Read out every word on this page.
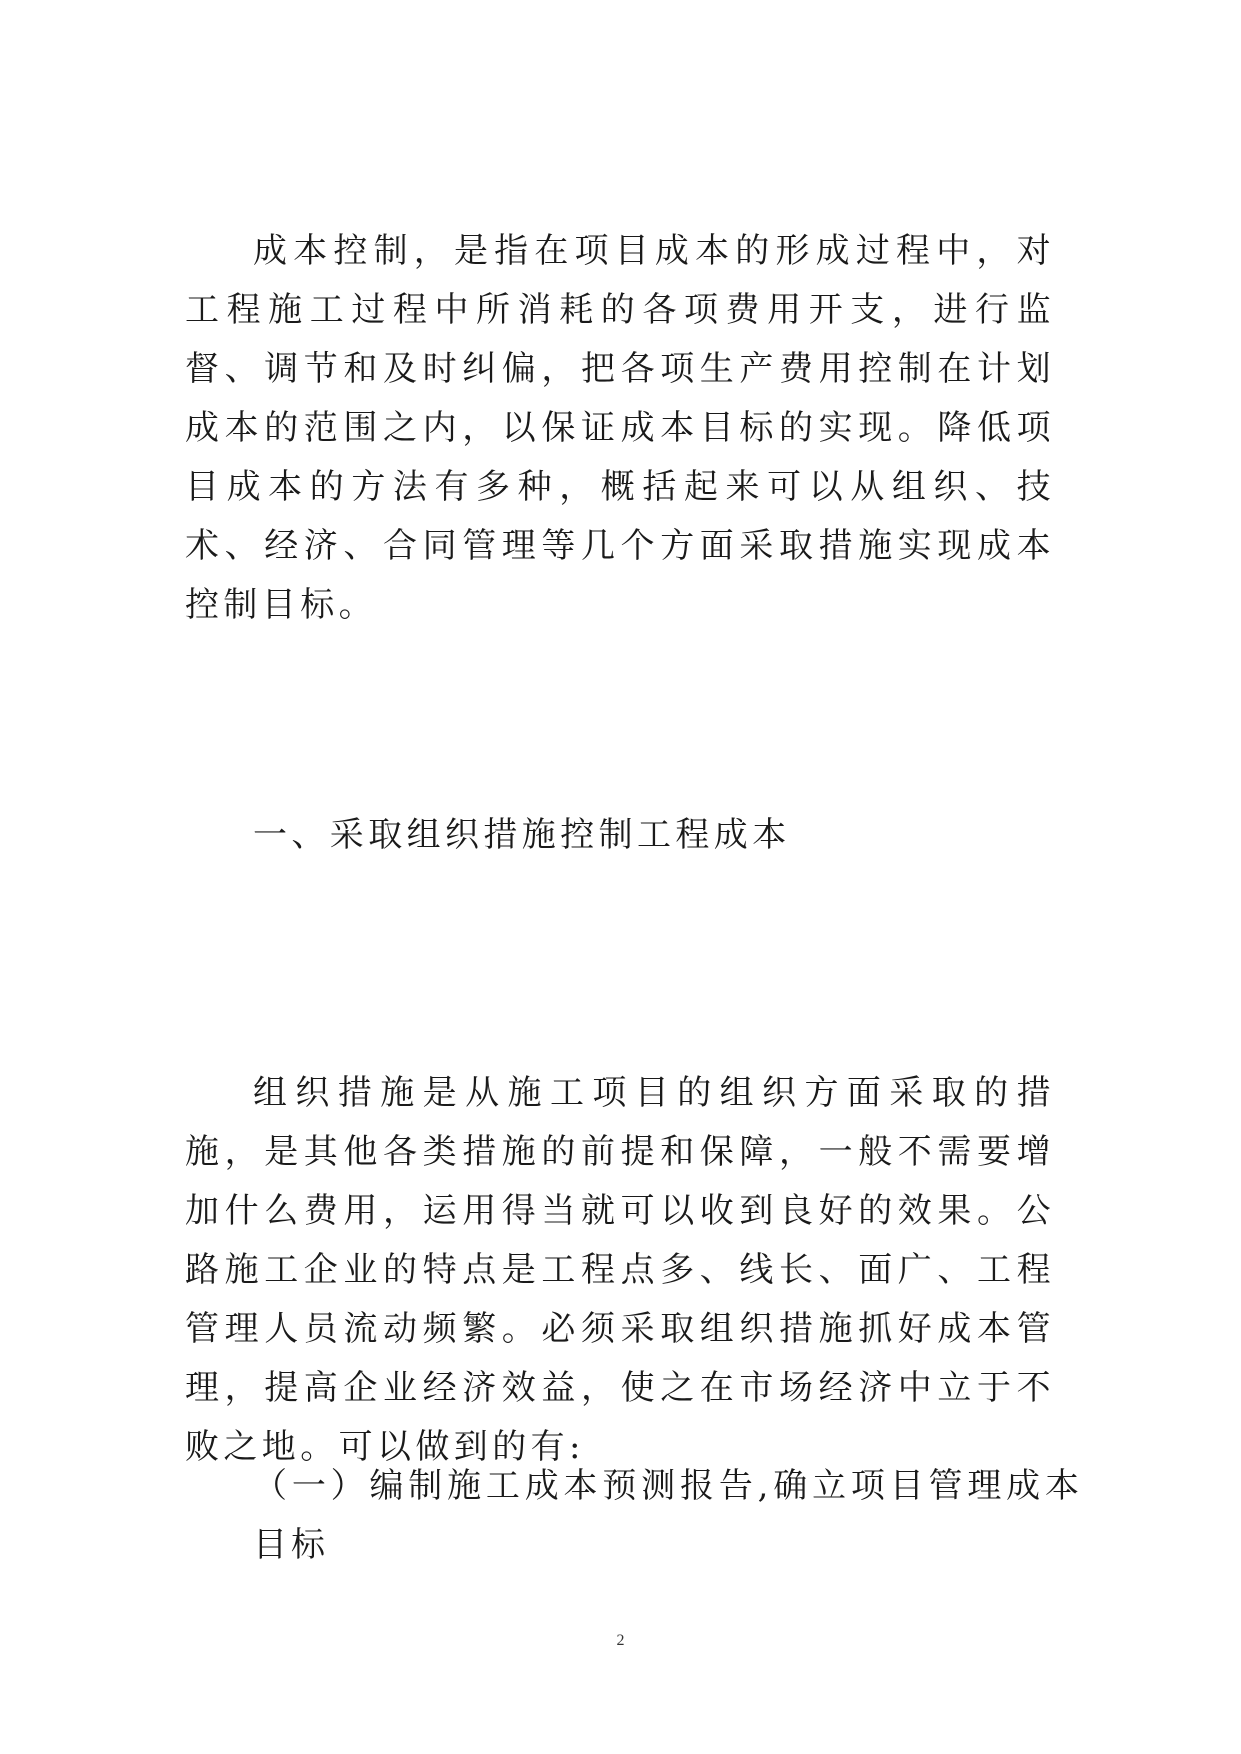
成本控制，是指在项目成本的形成过程中，对工程施工过程中所消耗的各项费用开支，进行监督、调节和及时纠偏，把各项生产费用控制在计划成本的范围之内，以保证成本目标的实现。降低项目成本的方法有多种，概括起来可以从组织、技术、经济、合同管理等几个方面采取措施实现成本控制目标。

一、采取组织措施控制工程成本

组织措施是从施工项目的组织方面采取的措施，是其他各类措施的前提和保障，一般不需要增加什么费用，运用得当就可以收到良好的效果。公路施工企业的特点是工程点多、线长、面广、工程管理人员流动频繁。必须采取组织措施抓好成本管理，提高企业经济效益，使之在市场经济中立于不败之地。可以做到的有:

（一）编制施工成本预测报告,确立项目管理成本目标

2
